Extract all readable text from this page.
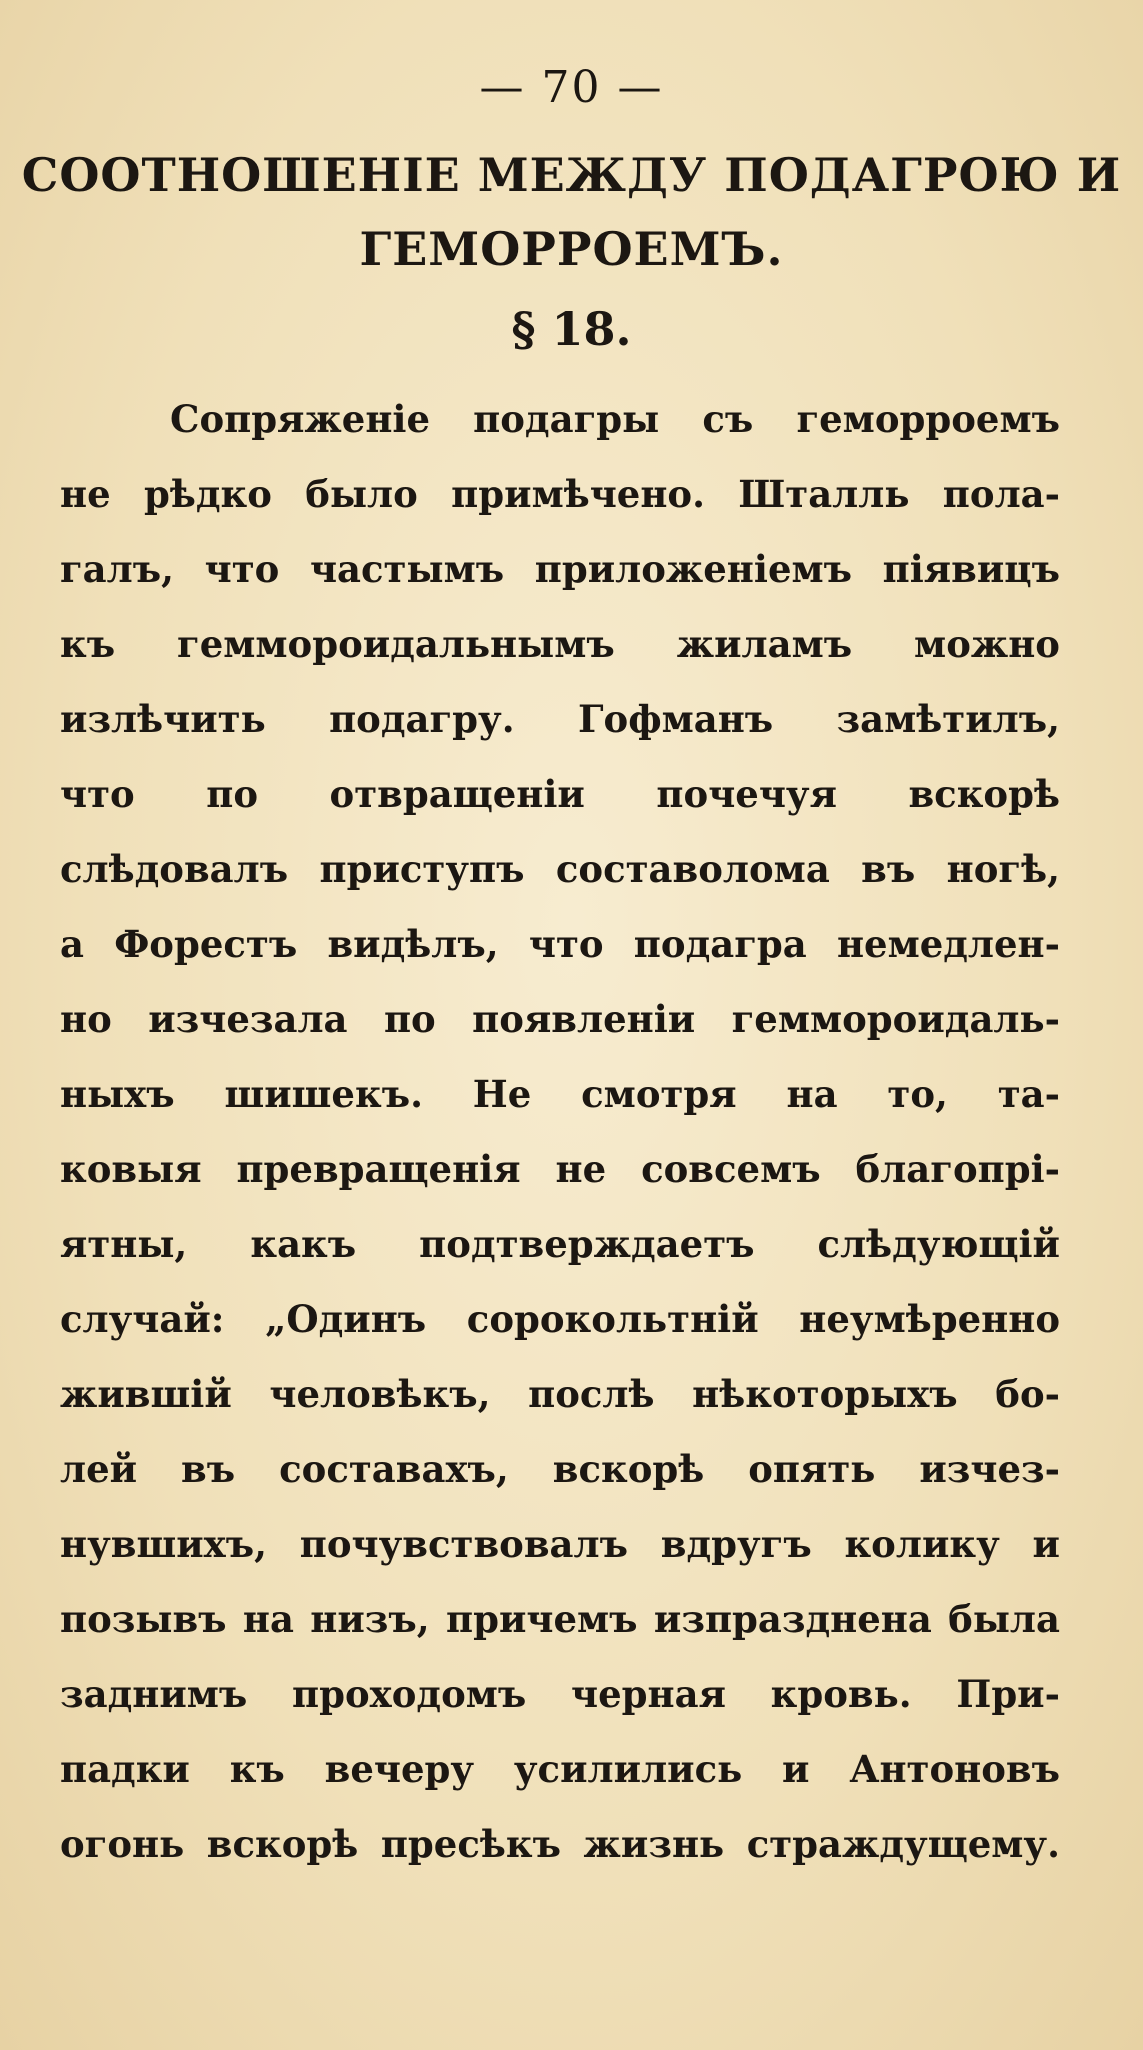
— 70 —
СООТНОШЕНІЕ МЕЖДУ ПОДАГРОЮ И
ГЕМОРРОЕМЪ.
§ 18.
Сопряженіе подагры съ геморроемъ
не рѣдко было примѣчено. Шталль пола-
галъ, что частымъ приложеніемъ піявицъ
къ геммороидальнымъ жиламъ можно
излѣчить подагру. Гофманъ замѣтилъ,
что по отвращеніи почечуя вскорѣ
слѣдовалъ приступъ составолома въ ногѣ,
а Форестъ видѣлъ, что подагра немедлен-
но изчезала по появленіи геммороидаль-
ныхъ шишекъ. Не смотря на то, та-
ковыя превращенія не совсемъ благопрі-
ятны, какъ подтверждаетъ слѣдующій
случай: „Одинъ сорокольтній неумѣренно
жившій человѣкъ, послѣ нѣкоторыхъ бо-
лей въ составахъ, вскорѣ опять изчез-
нувшихъ, почувствовалъ вдругъ колику и
позывъ на низъ, причемъ изпразднена была
заднимъ проходомъ черная кровь. При-
падки къ вечеру усилились и Антоновъ
огонь вскорѣ пресѣкъ жизнь страждущему.
